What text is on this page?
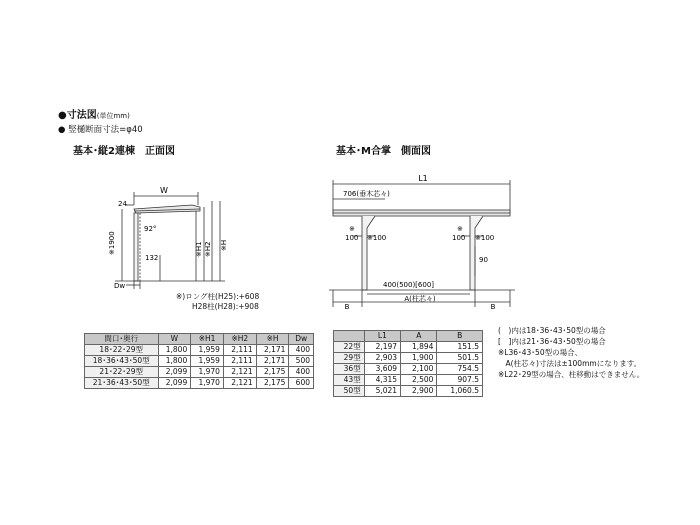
●寸法図(単位mm)
● 竪樋断面寸法=φ40
基本･縦2連棟　正面図	基本･M合掌　側面図
W
24
92°
※1900
132
※H1 ※H2 ※H
Dw
※)ロング柱(H25):+608
H28柱(H28):+908
L1
706(垂木芯々)
※
100 ※100
※
100 ※100
90
400(500)[600]
A(柱芯々)
B	B
間口･奥行	W	※H1	※H2	※H	Dw
18･22･29型	1,800	1,959	2,111	2,171	400
18･36･43･50型	1,800	1,959	2,111	2,171	500
21･22･29型	2,099	1,970	2,121	2,175	400
21･36･43･50型	2,099	1,970	2,121	2,175	600
	L1	A	B
22型	2,197	1,894	151.5
29型	2,903	1,900	501.5
36型	3,609	2,100	754.5
43型	4,315	2,500	907.5
50型	5,021	2,900	1,060.5
(　)内は18･36･43･50型の場合
[　]内は21･36･43･50型の場合
※L36･43･50型の場合、
　A(柱芯々)寸法は±100mmになります。
※L22･29型の場合、柱移動はできません。
